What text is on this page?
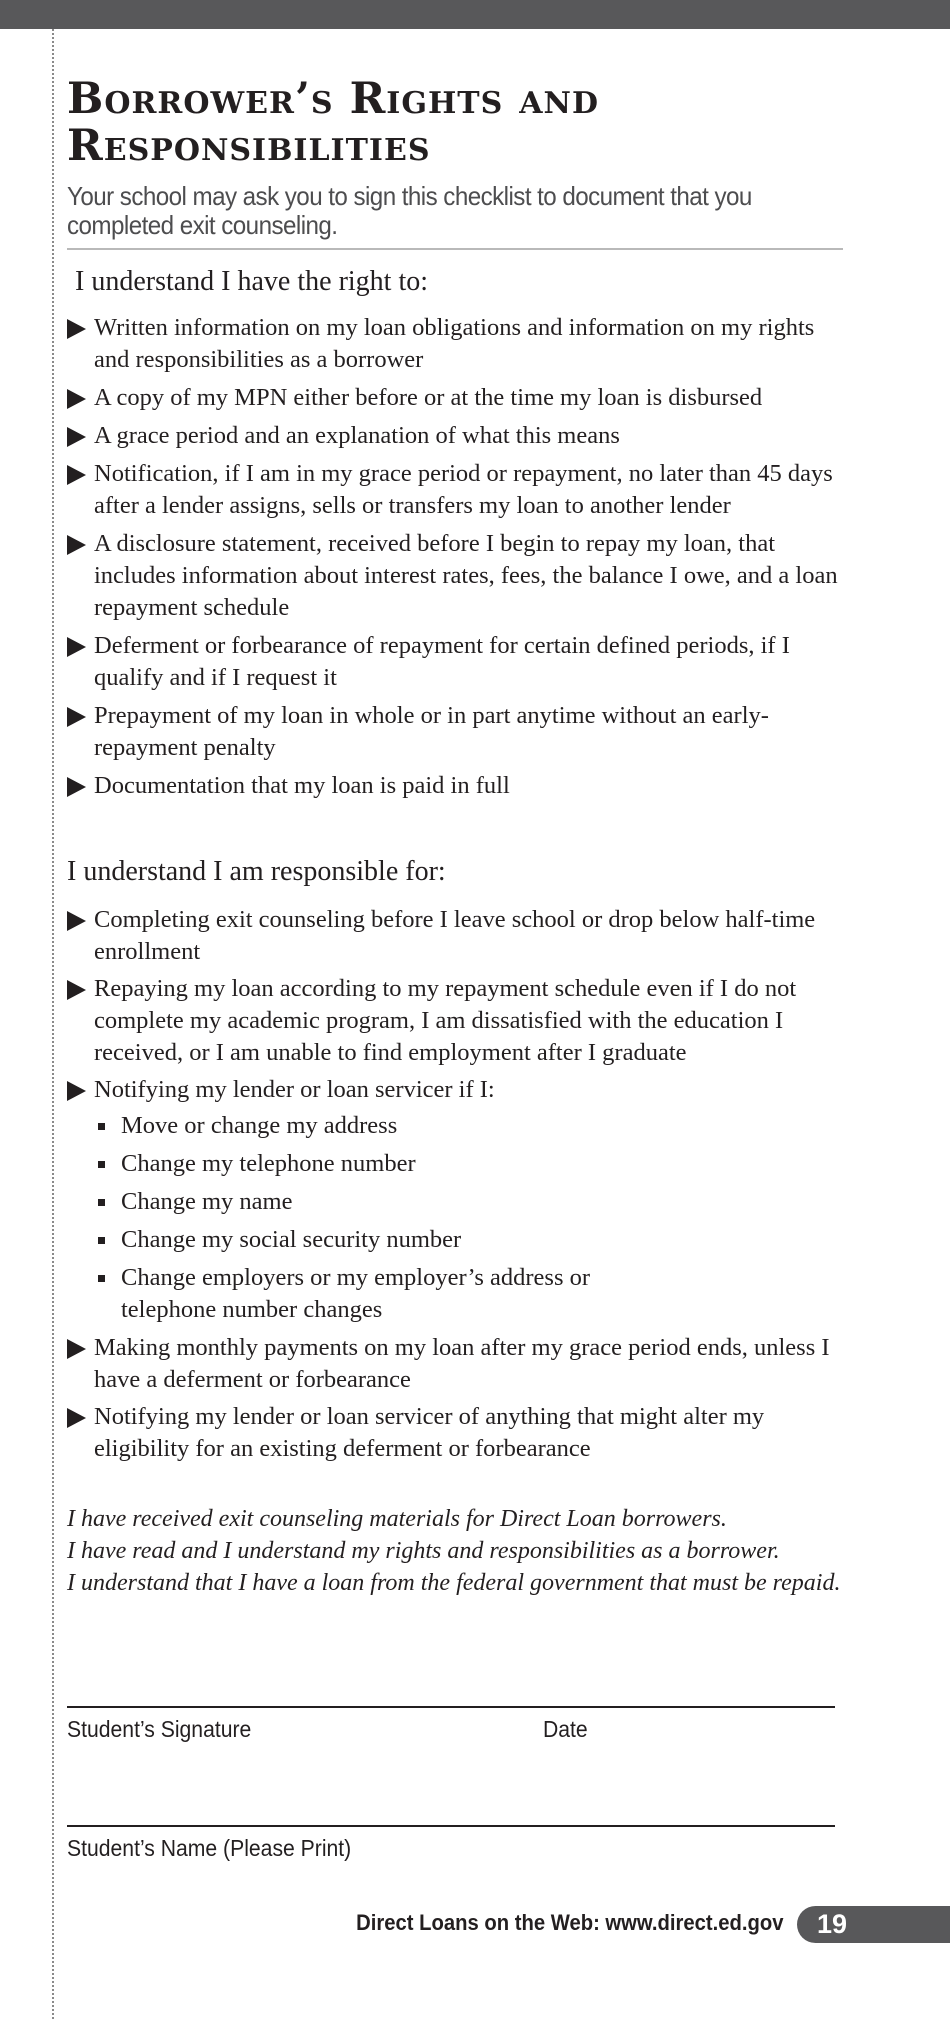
Borrower’s Rights and Responsibilities
Your school may ask you to sign this checklist to document that you completed exit counseling.
I understand I have the right to:
Written information on my loan obligations and information on my rights and responsibilities as a borrower
A copy of my MPN either before or at the time my loan is disbursed
A grace period and an explanation of what this means
Notification, if I am in my grace period or repayment, no later than 45 days after a lender assigns, sells or transfers my loan to another lender
A disclosure statement, received before I begin to repay my loan, that includes information about interest rates, fees, the balance I owe, and a loan repayment schedule
Deferment or forbearance of repayment for certain defined periods, if I qualify and if I request it
Prepayment of my loan in whole or in part anytime without an early-repayment penalty
Documentation that my loan is paid in full
I understand I am responsible for:
Completing exit counseling before I leave school or drop below half-time enrollment
Repaying my loan according to my repayment schedule even if I do not complete my academic program, I am dissatisfied with the education I received, or I am unable to find employment after I graduate
Notifying my lender or loan servicer if I:
Move or change my address
Change my telephone number
Change my name
Change my social security number
Change employers or my employer’s address or telephone number changes
Making monthly payments on my loan after my grace period ends, unless I have a deferment or forbearance
Notifying my lender or loan servicer of anything that might alter my eligibility for an existing deferment or forbearance
I have received exit counseling materials for Direct Loan borrowers.
I have read and I understand my rights and responsibilities as a borrower.
I understand that I have a loan from the federal government that must be repaid.
Student’s Signature	Date
Student’s Name (Please Print)
Direct Loans on the Web: www.direct.ed.gov 19
